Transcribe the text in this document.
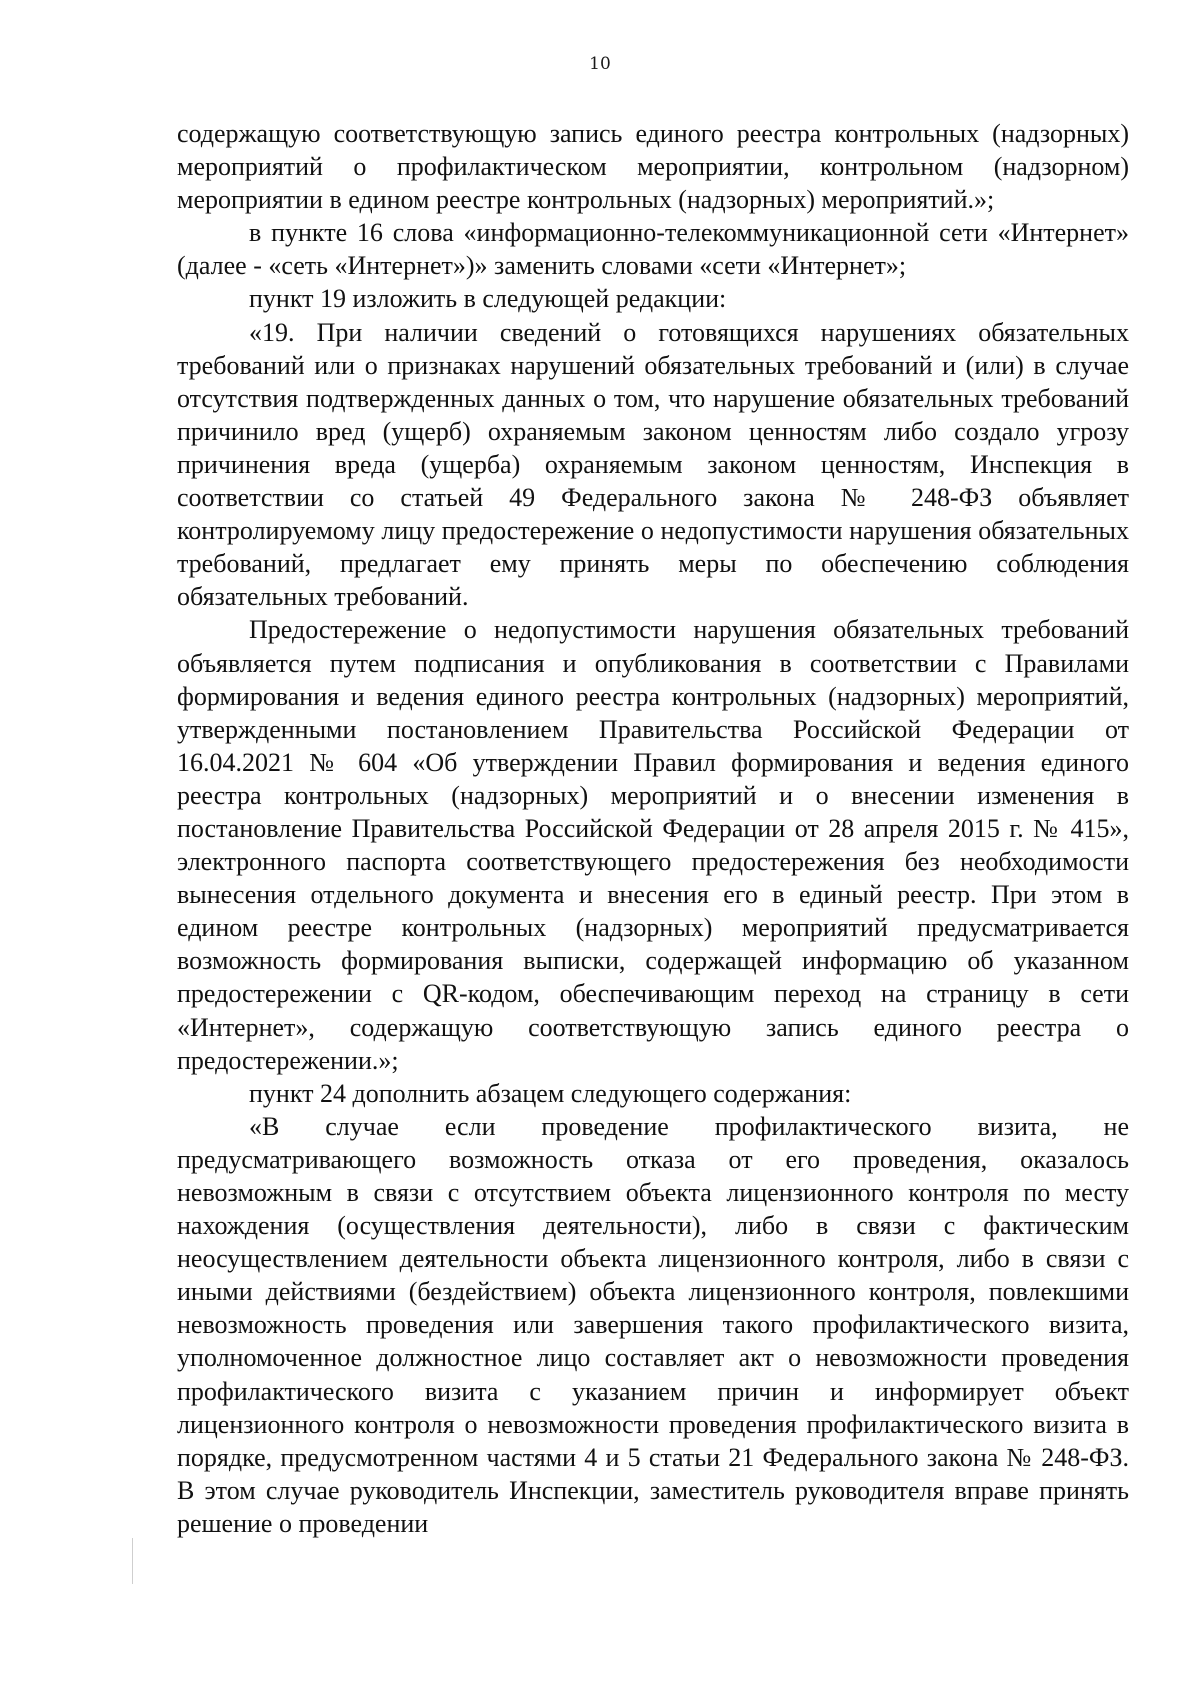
10

содержащую соответствующую запись единого реестра контрольных (надзорных) мероприятий о профилактическом мероприятии, контрольном (надзорном) мероприятии в едином реестре контрольных (надзорных) мероприятий.»;

в пункте 16 слова «информационно-телекоммуникационной сети «Интернет» (далее - «сеть «Интернет»)» заменить словами «сети «Интернет»;

пункт 19 изложить в следующей редакции:

«19. При наличии сведений о готовящихся нарушениях обязательных требований или о признаках нарушений обязательных требований и (или) в случае отсутствия подтвержденных данных о том, что нарушение обязательных требований причинило вред (ущерб) охраняемым законом ценностям либо создало угрозу причинения вреда (ущерба) охраняемым законом ценностям, Инспекция в соответствии со статьей 49 Федерального закона № 248-ФЗ объявляет контролируемому лицу предостережение о недопустимости нарушения обязательных требований, предлагает ему принять меры по обеспечению соблюдения обязательных требований.

Предостережение о недопустимости нарушения обязательных требований объявляется путем подписания и опубликования в соответствии с Правилами формирования и ведения единого реестра контрольных (надзорных) мероприятий, утвержденными постановлением Правительства Российской Федерации от 16.04.2021 № 604 «Об утверждении Правил формирования и ведения единого реестра контрольных (надзорных) мероприятий и о внесении изменения в постановление Правительства Российской Федерации от 28 апреля 2015 г. № 415», электронного паспорта соответствующего предостережения без необходимости вынесения отдельного документа и внесения его в единый реестр. При этом в едином реестре контрольных (надзорных) мероприятий предусматривается возможность формирования выписки, содержащей информацию об указанном предостережении с QR-кодом, обеспечивающим переход на страницу в сети «Интернет», содержащую соответствующую запись единого реестра о предостережении.»;

пункт 24 дополнить абзацем следующего содержания:

«В случае если проведение профилактического визита, не предусматривающего возможность отказа от его проведения, оказалось невозможным в связи с отсутствием объекта лицензионного контроля по месту нахождения (осуществления деятельности), либо в связи с фактическим неосуществлением деятельности объекта лицензионного контроля, либо в связи с иными действиями (бездействием) объекта лицензионного контроля, повлекшими невозможность проведения или завершения такого профилактического визита, уполномоченное должностное лицо составляет акт о невозможности проведения профилактического визита с указанием причин и информирует объект лицензионного контроля о невозможности проведения профилактического визита в порядке, предусмотренном частями 4 и 5 статьи 21 Федерального закона № 248-ФЗ. В этом случае руководитель Инспекции, заместитель руководителя вправе принять решение о проведении
